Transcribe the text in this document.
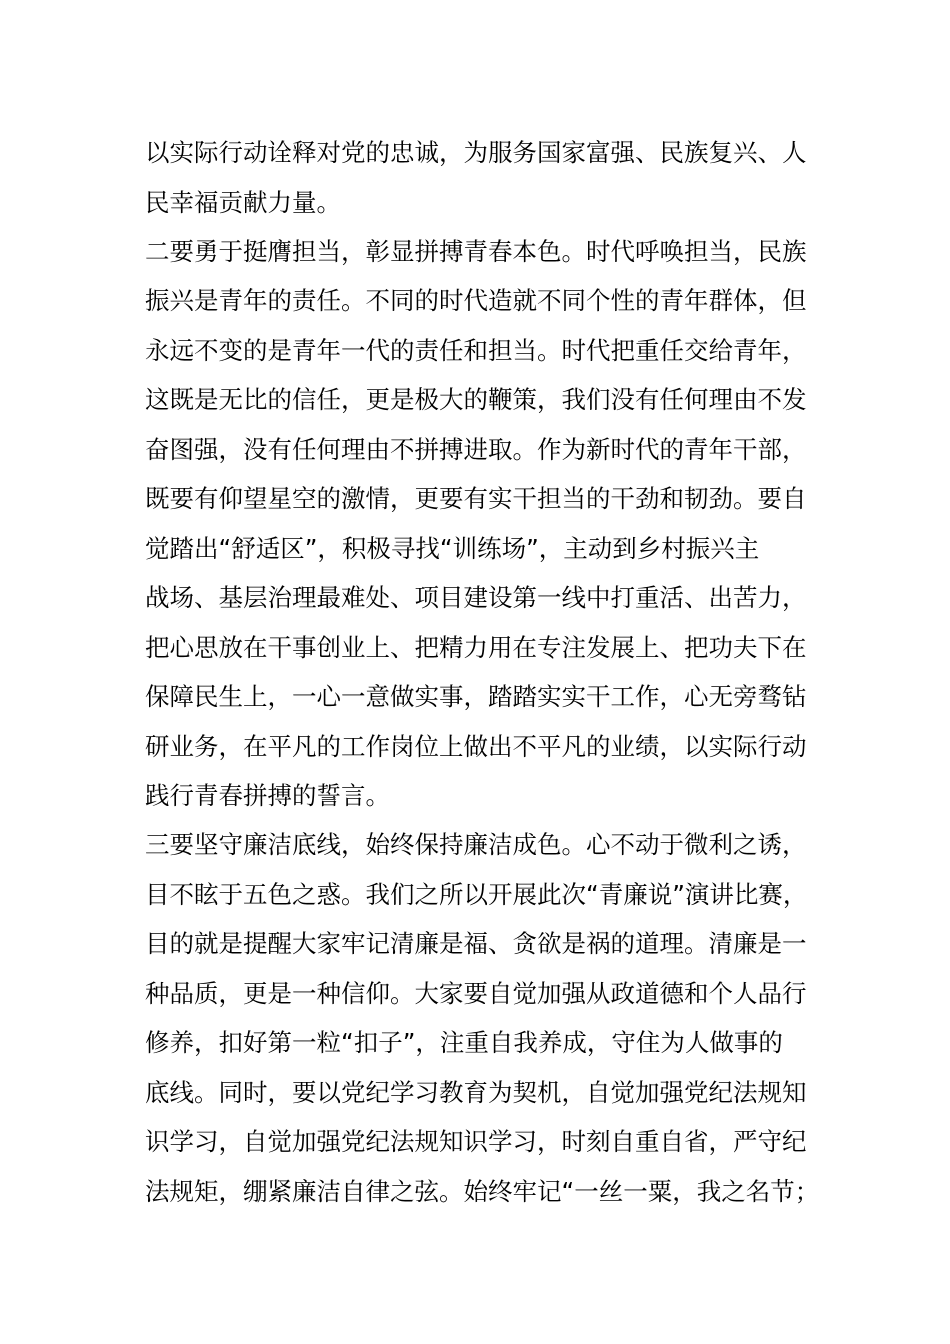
以实际行动诠释对党的忠诚，为服务国家富强、民族复兴、人
民幸福贡献力量。
二要勇于挺膺担当，彰显拼搏青春本色。时代呼唤担当，民族
振兴是青年的责任。不同的时代造就不同个性的青年群体，但
永远不变的是青年一代的责任和担当。时代把重任交给青年，
这既是无比的信任，更是极大的鞭策，我们没有任何理由不发
奋图强，没有任何理由不拼搏进取。作为新时代的青年干部，
既要有仰望星空的激情，更要有实干担当的干劲和韧劲。要自
觉踏出“舒适区”，积极寻找“训练场”，主动到乡村振兴主
战场、基层治理最难处、项目建设第一线中打重活、出苦力，
把心思放在干事创业上、把精力用在专注发展上、把功夫下在
保障民生上，一心一意做实事，踏踏实实干工作，心无旁骛钻
研业务，在平凡的工作岗位上做出不平凡的业绩，以实际行动
践行青春拼搏的誓言。
三要坚守廉洁底线，始终保持廉洁成色。心不动于微利之诱，
目不眩于五色之惑。我们之所以开展此次“青廉说”演讲比赛，
目的就是提醒大家牢记清廉是福、贪欲是祸的道理。清廉是一
种品质，更是一种信仰。大家要自觉加强从政道德和个人品行
修养，扣好第一粒“扣子”，注重自我养成，守住为人做事的
底线。同时，要以党纪学习教育为契机，自觉加强党纪法规知
识学习，自觉加强党纪法规知识学习，时刻自重自省，严守纪
法规矩，绷紧廉洁自律之弦。始终牢记“一丝一粟，我之名节；
